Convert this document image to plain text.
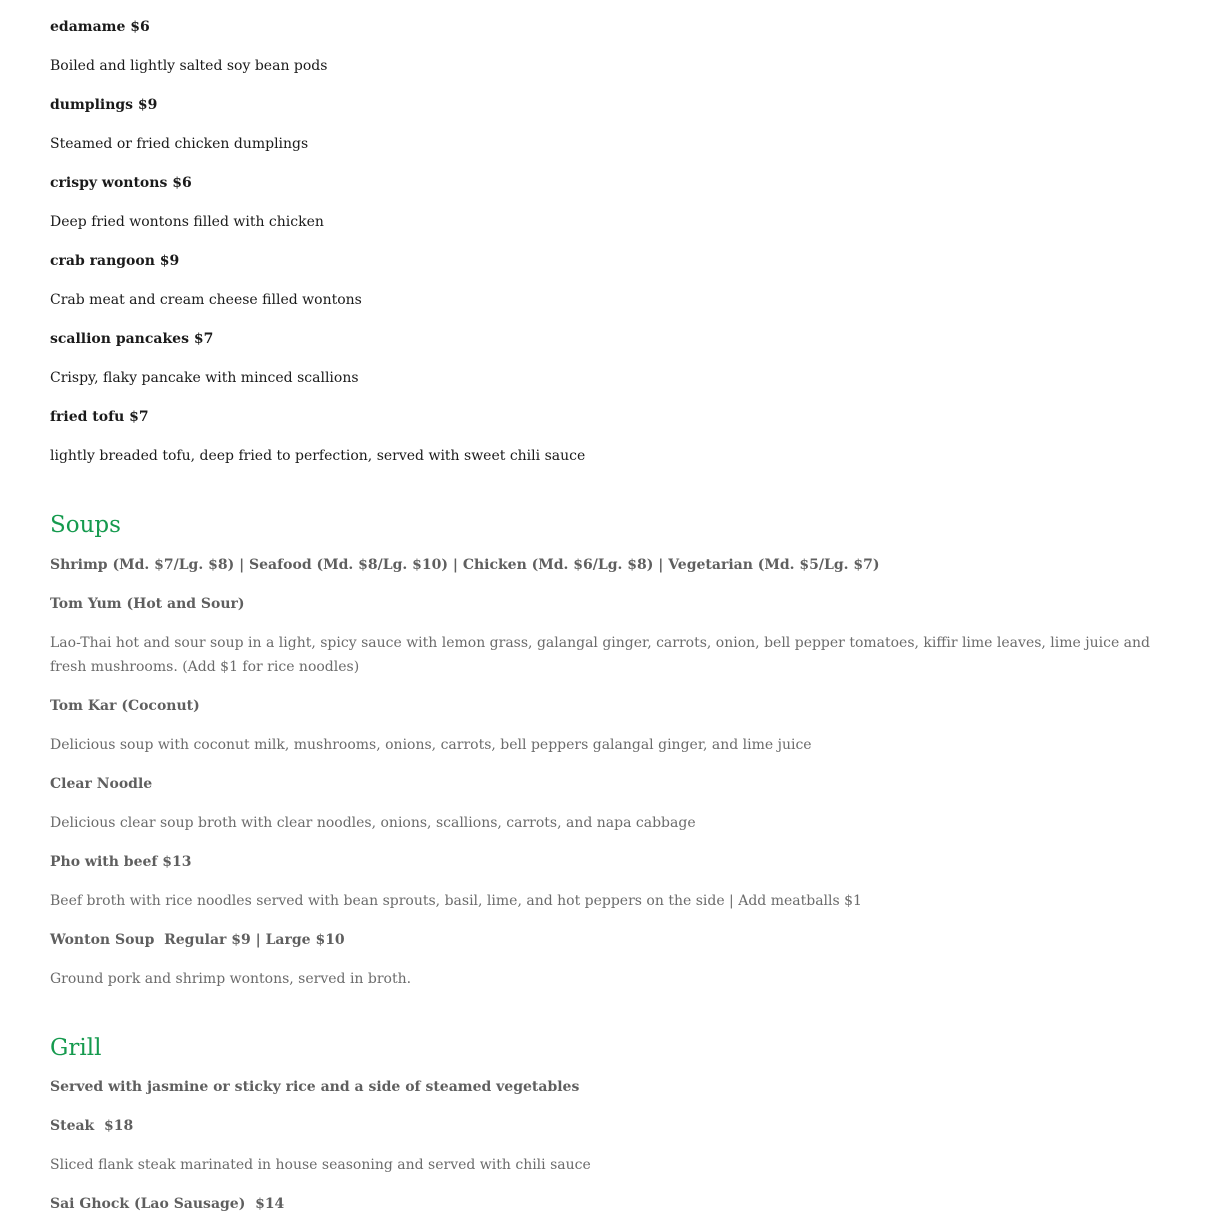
edamame $6
Boiled and lightly salted soy bean pods
dumplings $9
Steamed or fried chicken dumplings
crispy wontons $6
Deep fried wontons filled with chicken
crab rangoon $9
Crab meat and cream cheese filled wontons
scallion pancakes $7
Crispy, flaky pancake with minced scallions
fried tofu $7
lightly breaded tofu, deep fried to perfection, served with sweet chili sauce
Soups
Shrimp (Md. $7/Lg. $8) | Seafood (Md. $8/Lg. $10) | Chicken (Md. $6/Lg. $8) | Vegetarian (Md. $5/Lg. $7)
Tom Yum (Hot and Sour)
Lao-Thai hot and sour soup in a light, spicy sauce with lemon grass, galangal ginger, carrots, onion, bell pepper tomatoes, kiffir lime leaves, lime juice and fresh mushrooms. (Add $1 for rice noodles)
Tom Kar (Coconut)
Delicious soup with coconut milk, mushrooms, onions, carrots, bell peppers galangal ginger, and lime juice
Clear Noodle
Delicious clear soup broth with clear noodles, onions, scallions, carrots, and napa cabbage
Pho with beef $13
Beef broth with rice noodles served with bean sprouts, basil, lime, and hot peppers on the side | Add meatballs $1
Wonton Soup  Regular $9 | Large $10
Ground pork and shrimp wontons, served in broth.
Grill
Served with jasmine or sticky rice and a side of steamed vegetables
Steak  $18
Sliced flank steak marinated in house seasoning and served with chili sauce
Sai Ghock (Lao Sausage)  $14
